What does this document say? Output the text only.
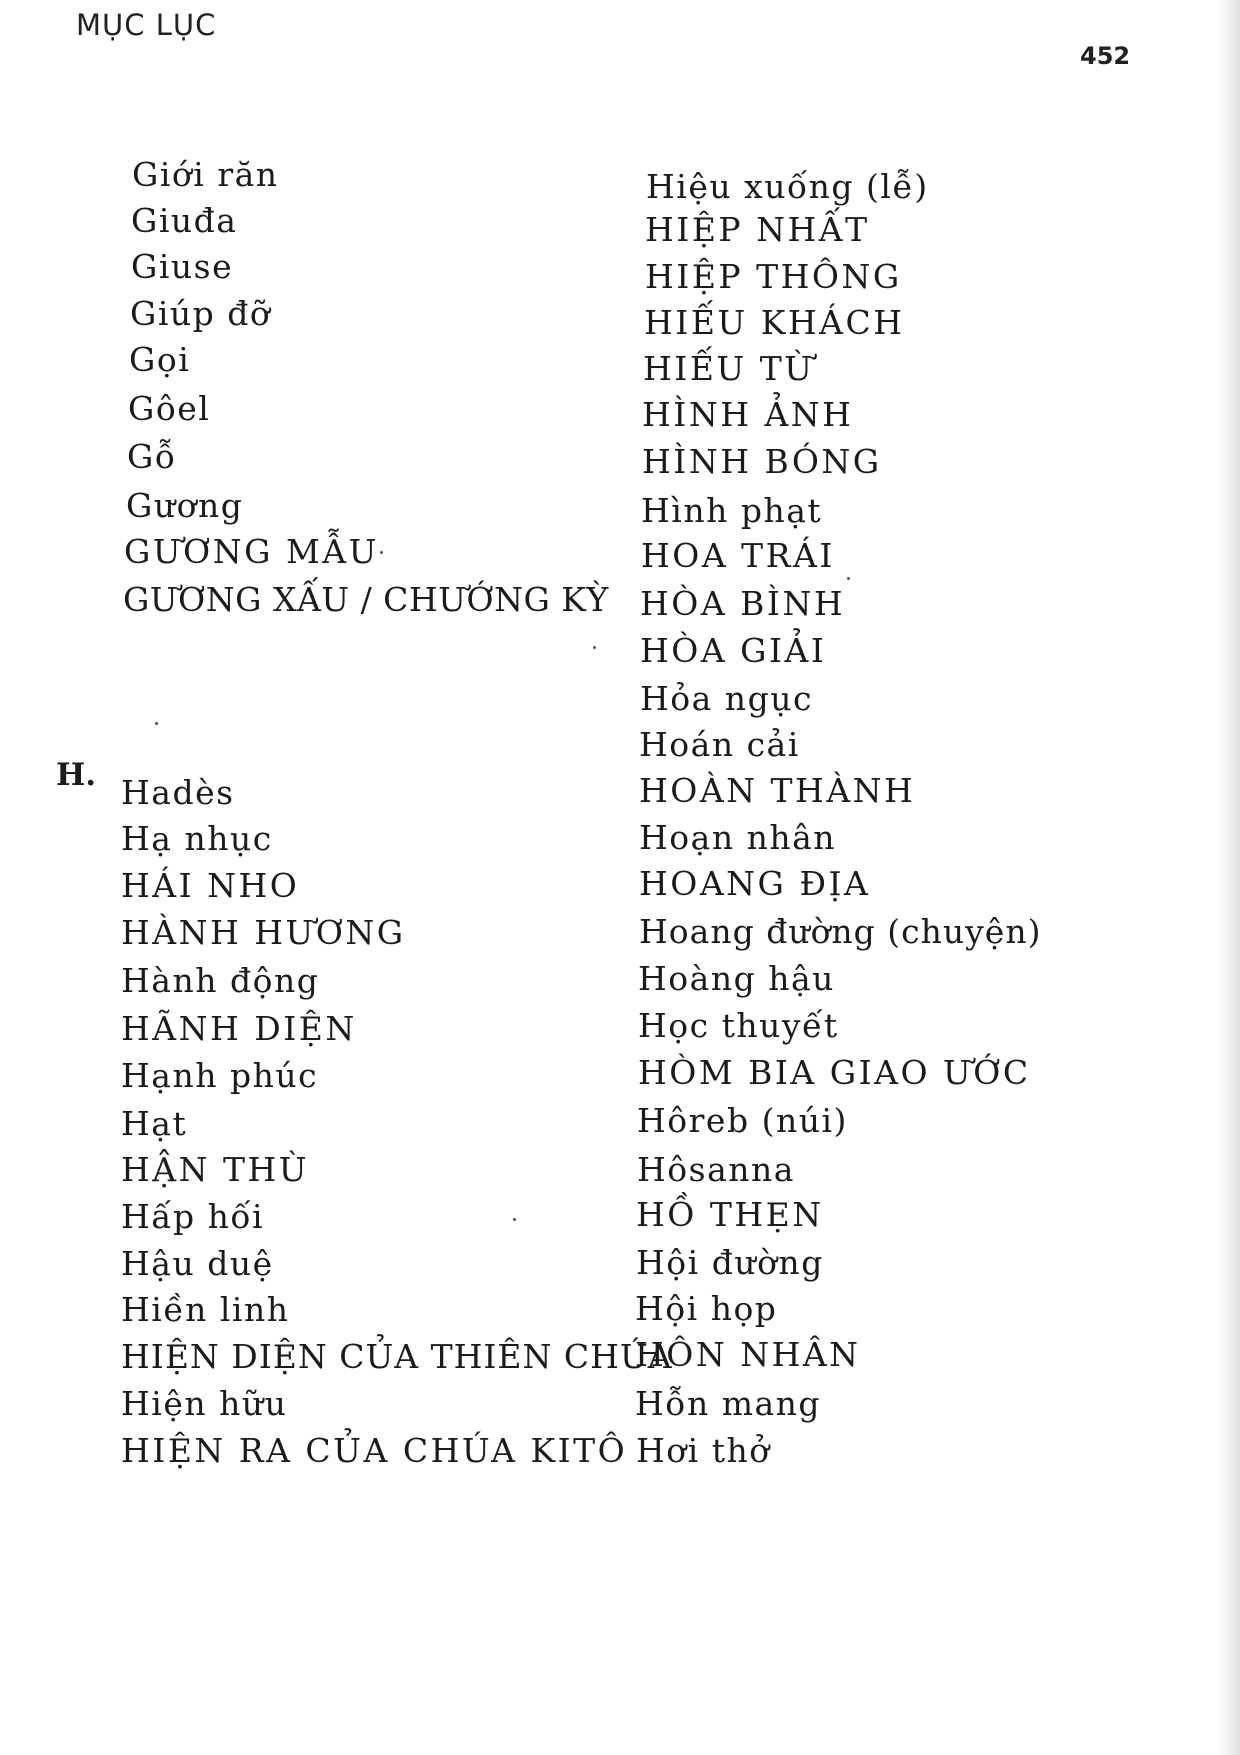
MỤC LỤC
452
Giới răn
Giuđa
Giuse
Giúp đỡ
Gọi
Gôel
Gỗ
Gương
GƯƠNG MẪU
GƯƠNG XẤU / CHƯỚNG KỲ
H. Hadès
Hạ nhục
HÁI NHO
HÀNH HƯƠNG
Hành động
HÃNH DIỆN
Hạnh phúc
Hạt
HẬN THÙ
Hấp hối
Hậu duệ
Hiền linh
HIỆN DIỆN CỦA THIÊN CHÚA
Hiện hữu
HIỆN RA CỦA CHÚA KITÔ
Hiệu xuống (lễ)
HIỆP NHẤT
HIỆP THÔNG
HIẾU KHÁCH
HIẾU TỪ
HÌNH ẢNH
HÌNH BÓNG
Hình phạt
HOA TRÁI
HÒA BÌNH
HÒA GIẢI
Hỏa ngục
Hoán cải
HOÀN THÀNH
Hoạn nhân
HOANG ĐỊA
Hoang đường (chuyện)
Hoàng hậu
Học thuyết
HÒM BIA GIAO ƯỚC
Hôreb (núi)
Hôsanna
HỒ THẸN
Hội đường
Hội họp
HÔN NHÂN
Hỗn mang
Hơi thở
